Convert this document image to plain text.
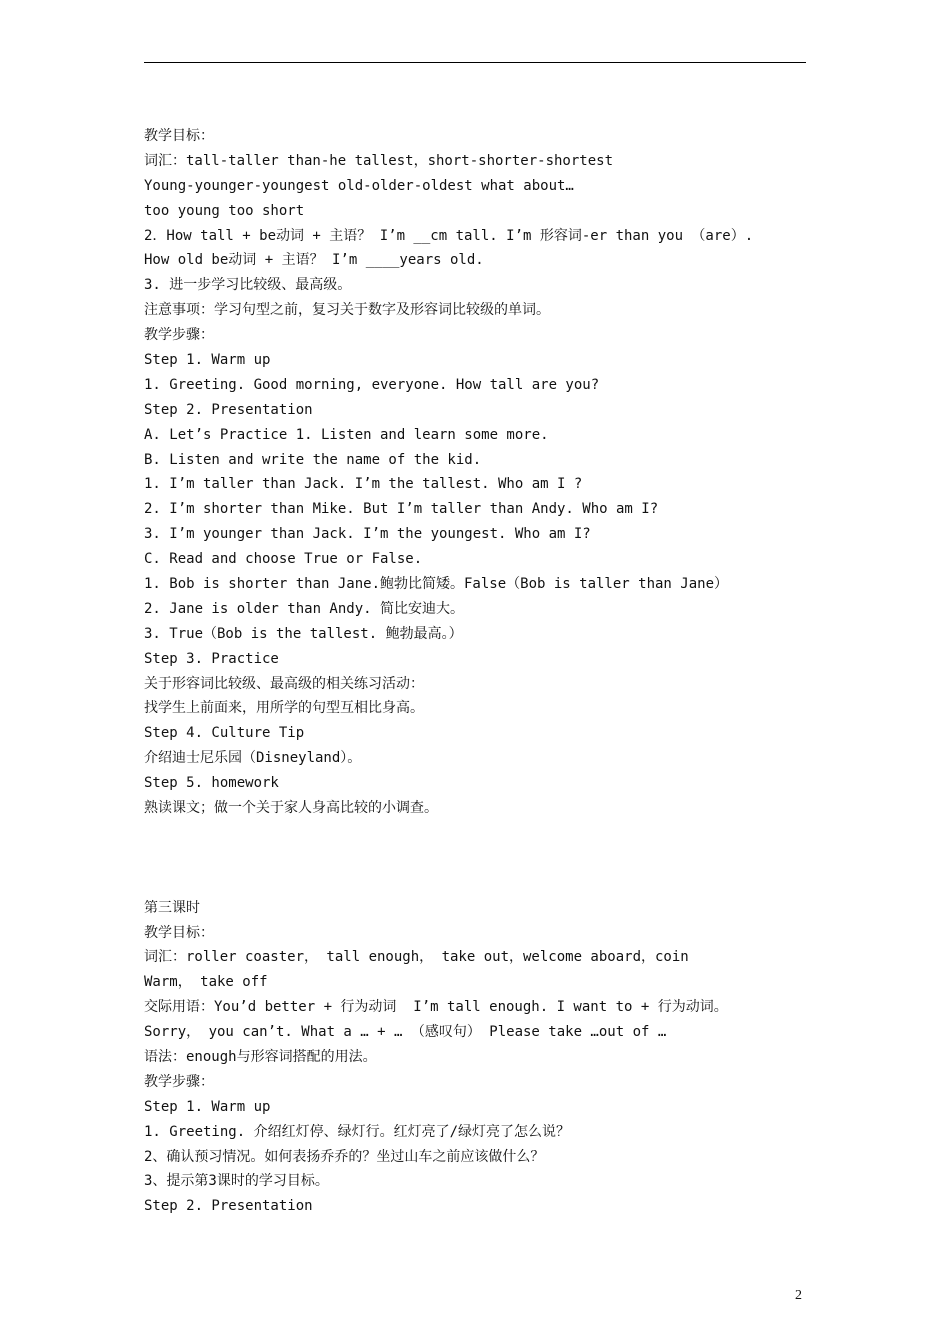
教学目标：
词汇：tall-taller than-he tallest，short-shorter-shortest
Young-younger-youngest old-older-oldest what about…
too young too short
2．How tall + be动词 + 主语？ I’m __cm tall. I’m 形容词-er than you （are）.
How old be动词 + 主语？ I’m ____years old.
3. 进一步学习比较级、最高级。
注意事项：学习句型之前，复习关于数字及形容词比较级的单词。
教学步骤：
Step 1. Warm up
1. Greeting. Good morning, everyone. How tall are you?
Step 2. Presentation
A. Let’s Practice 1. Listen and learn some more.
B. Listen and write the name of the kid.
1. I’m taller than Jack. I’m the tallest. Who am I ?
2. I’m shorter than Mike. But I’m taller than Andy. Who am I?
3. I’m younger than Jack. I’m the youngest. Who am I?
C. Read and choose True or False.
1. Bob is shorter than Jane.鲍勃比简矮。False（Bob is taller than Jane）
2. Jane is older than Andy. 简比安迪大。
3. True（Bob is the tallest. 鲍勃最高。）
Step 3. Practice
关于形容词比较级、最高级的相关练习活动：
找学生上前面来，用所学的句型互相比身高。
Step 4. Culture Tip
介绍迪士尼乐园（Disneyland）。
Step 5. homework
熟读课文；做一个关于家人身高比较的小调查。
第三课时
教学目标：
词汇：roller coaster， tall enough， take out，welcome aboard，coin
Warm， take off
交际用语：You’d better + 行为动词  I’m tall enough. I want to + 行为动词。
Sorry， you can’t. What a … + … （感叹句） Please take …out of …
语法：enough与形容词搭配的用法。
教学步骤：
Step 1. Warm up
1. Greeting. 介绍红灯停、绿灯行。红灯亮了/绿灯亮了怎么说？
2、确认预习情况。如何表扬乔乔的？坐过山车之前应该做什么？
3、提示第3课时的学习目标。
Step 2. Presentation
2
